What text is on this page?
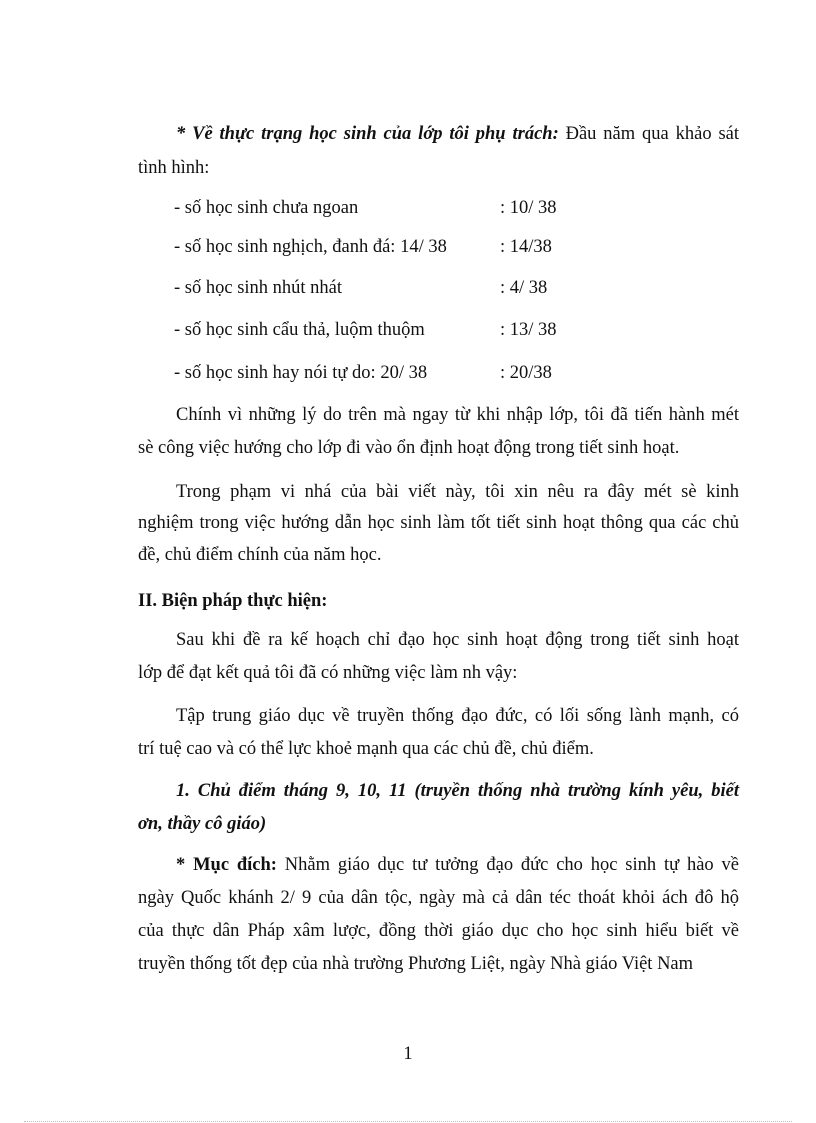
* Về thực trạng học sinh của lớp tôi phụ trách: Đầu năm qua khảo sát
tình hình:
- số học sinh chưa ngoan	: 10/ 38
- số học sinh nghịch, đanh đá: 14/ 38	: 14/38
- số học sinh nhút nhát	: 4/ 38
- số học sinh cẩu thả, luộm thuộm	: 13/ 38
- số học sinh hay nói tự do: 20/ 38	: 20/38
Chính vì những lý do trên mà ngay từ khi nhập lớp, tôi đã tiến hành mét
sè công việc hướng cho lớp đi vào ổn định hoạt động trong tiết sinh hoạt.
Trong phạm vi nhá của bài viết này, tôi xin nêu ra đây mét sè kinh
nghiệm trong việc hướng dẫn học sinh làm tốt tiết sinh hoạt thông qua các chủ
đề, chủ điểm chính của năm học.
II. Biện pháp thực hiện:
Sau khi đề ra kế hoạch chỉ đạo học sinh hoạt động trong tiết sinh hoạt
lớp để đạt kết quả tôi đã có những việc làm nh vậy:
Tập trung giáo dục về truyền thống đạo đức, có lối sống lành mạnh, có
trí tuệ cao và có thể lực khoẻ mạnh qua các chủ đề, chủ điểm.
1. Chủ điểm tháng 9, 10, 11 (truyền thống nhà trường kính yêu, biết
ơn, thầy cô giáo)
* Mục đích: Nhằm giáo dục tư tưởng đạo đức cho học sinh tự hào về
ngày Quốc khánh 2/ 9 của dân tộc, ngày mà cả dân téc thoát khỏi ách đô hộ
của thực dân Pháp xâm lược, đồng thời giáo dục cho học sinh hiểu biết về
truyền thống tốt đẹp của nhà trường Phương Liệt, ngày Nhà giáo Việt Nam
1
